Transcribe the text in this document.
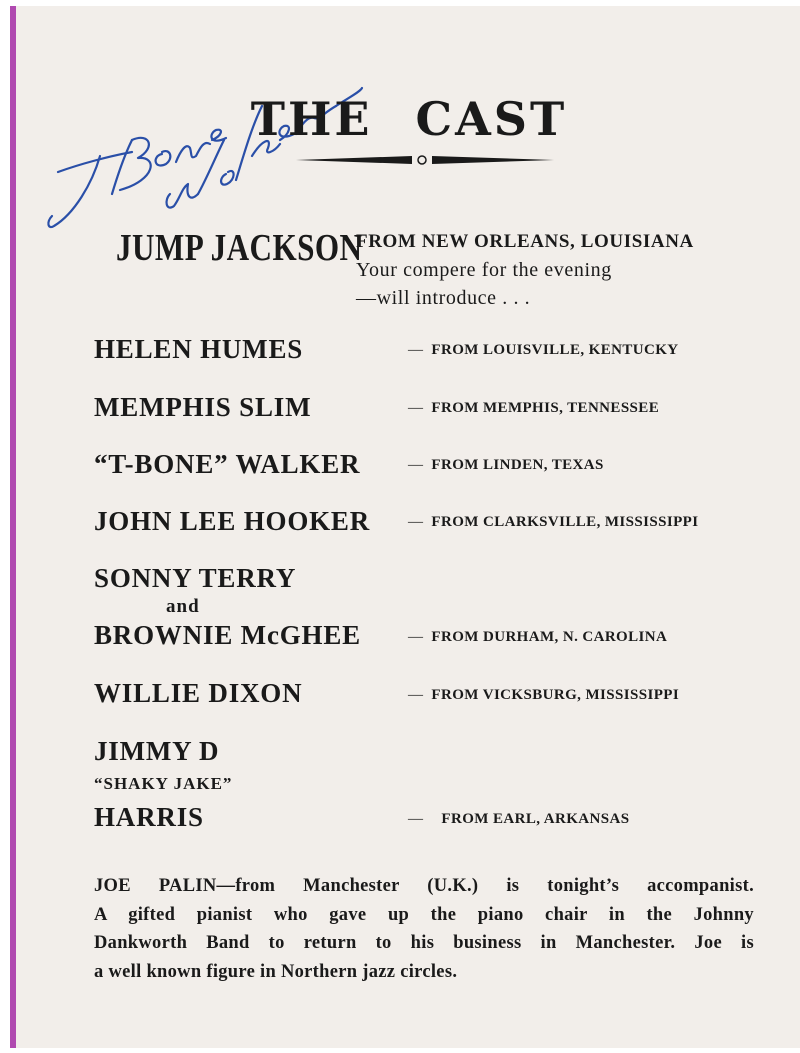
THE CAST
JUMP JACKSON
FROM NEW ORLEANS, LOUISIANA
Your compere for the evening
—will introduce . . .
HELEN HUMES	— FROM LOUISVILLE, KENTUCKY
MEMPHIS SLIM	— FROM MEMPHIS, TENNESSEE
“T-BONE” WALKER	— FROM LINDEN, TEXAS
JOHN LEE HOOKER	— FROM CLARKSVILLE, MISSISSIPPI
SONNY TERRY
and
BROWNIE McGHEE	— FROM DURHAM, N. CAROLINA
WILLIE DIXON	— FROM VICKSBURG, MISSISSIPPI
JIMMY D
“SHAKY JAKE”
HARRIS	— FROM EARL, ARKANSAS
JOE PALIN—from Manchester (U.K.) is tonight’s accompanist.
A gifted pianist who gave up the piano chair in the Johnny
Dankworth Band to return to his business in Manchester. Joe is
a well known figure in Northern jazz circles.
